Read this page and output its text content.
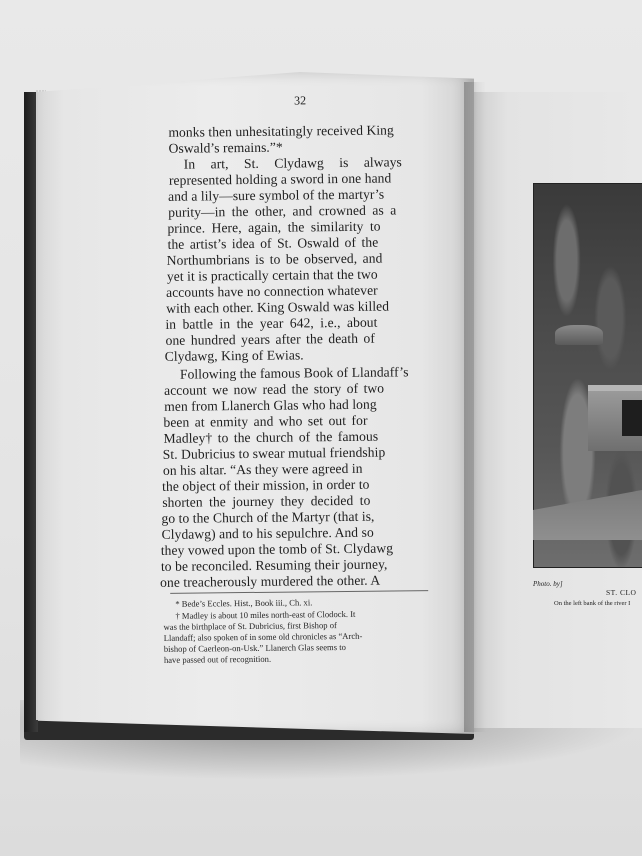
32
monks then unhesitatingly received King
Oswald’s remains.”*
In art, St. Clydawg is always
represented holding a sword in one hand
and a lily—sure symbol of the martyr’s
purity—in the other, and crowned as a
prince. Here, again, the similarity to
the artist’s idea of St. Oswald of the
Northumbrians is to be observed, and
yet it is practically certain that the two
accounts have no connection whatever
with each other. King Oswald was killed
in battle in the year 642, i.e., about
one hundred years after the death of
Clydawg, King of Ewias.
Following the famous Book of Llandaff’s
account we now read the story of two
men from Llanerch Glas who had long
been at enmity and who set out for
Madley† to the church of the famous
St. Dubricius to swear mutual friendship
on his altar. “As they were agreed in
the object of their mission, in order to
shorten the journey they decided to
go to the Church of the Martyr (that is,
Clydawg) and to his sepulchre. And so
they vowed upon the tomb of St. Clydawg
to be reconciled. Resuming their journey,
one treacherously murdered the other. A
* Bede’s Eccles. Hist., Book iii., Ch. xi.
† Madley is about 10 miles north-east of Clodock. It
was the birthplace of St. Dubricius, first Bishop of
Llandaff; also spoken of in some old chronicles as “Arch-
bishop of Caerleon-on-Usk.” Llanerch Glas seems to
have passed out of recognition.
Photo. by]
ST. CLO
On the left bank of the river I
